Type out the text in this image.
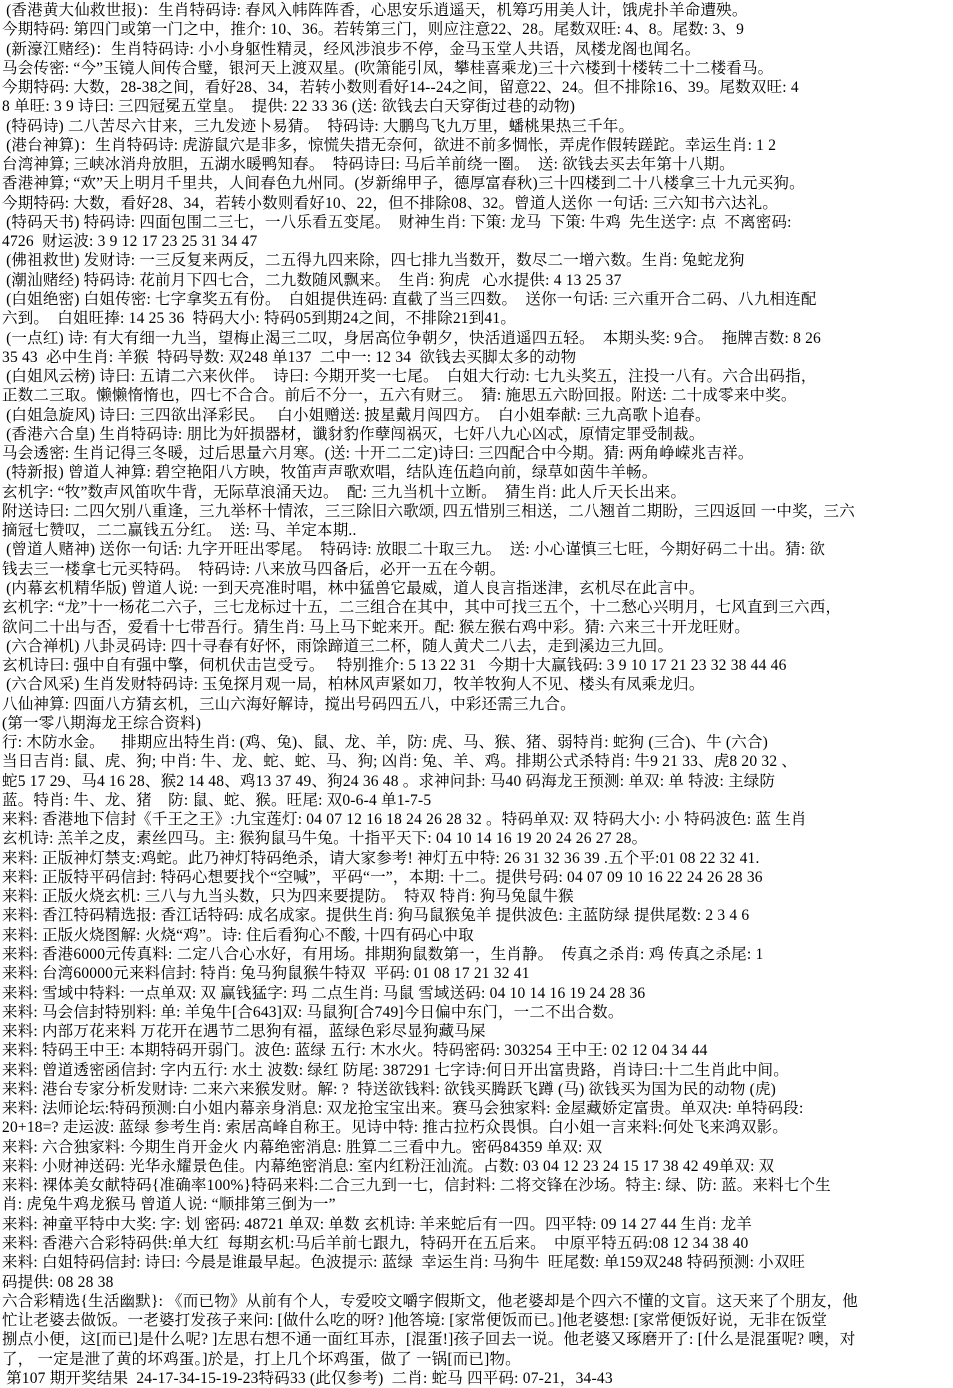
(香港黄大仙救世报)：生肖特码诗: 春风入帏阵阵香，心思安乐逍遥天，机筹巧用美人计，饿虎扑羊命遭殃。
今期特码: 第四门或第一门之中，推介: 10、36。若转第三门，则应注意22、28。尾数双旺: 4、8。尾数: 3、9
(新濠江赌经)：生肖特码诗: 小小身躯性精灵，经风涉浪步不停，金马玉堂人共语，凤楼龙阁也闻名。
马会传密: “今”玉镜人间传合璧，银河天上渡双星。(吹箫能引凤，攀桂喜乘龙)三十六楼到十楼转二十二楼看马。
今期特码: 大数，28-38之间，看好28、34，若转小数则看好14--24之间，留意22、24。但不排除16、39。尾数双旺: 4
8 单旺: 3 9 诗曰: 三四冠冕五堂皇。  提供: 22 33 36 (送: 欲钱去白天穿街过巷的动物)
(特码诗) 二八苦尽六甘来，三九发迹卜易猜。  特码诗: 大鹏鸟飞九万里，蟠桃果热三千年。
(港台神算)：生肖特码诗: 虎游鼠穴是非多，惊慌失措无奈何，欲进不前多惆怅，弄虎作假转蹉跎。幸运生肖: 1 2
台湾神算; 三峡冰消舟放胆，五湖水暖鸭知春。  特码诗曰: 马后羊前绕一圈。  送: 欲钱去买去年第十八期。
香港神算; “欢”天上明月千里共，人间春色九州同。(岁新绵甲子，德厚富春秋)三十四楼到二十八楼拿三十九元买狗。
今期特码: 大数，看好28、34，若转小数则看好10、22，但不排除08、32。曾道人送你 一句话: 三六知书六达礼。
(特码天书) 特码诗: 四面包围二三七，一八乐看五变尾。  财神生肖: 下策: 龙马  下策: 牛鸡  先生送字: 点  不离密码:
4726  财运波: 3 9 12 17 23 25 31 34 47
(佛祖救世) 发财诗: 一三反复来两反，二五得九四来除，四七排九当数开，数尽二一增六数。生肖: 兔蛇龙狗
(潮汕赌经) 特码诗: 花前月下四七合，二九数随风飘来。  生肖: 狗虎   心水提供: 4 13 25 37
(白姐绝密) 白姐传密: 七字拿奖五有份。  白姐提供连码: 直截了当三四数。  送你一句话: 三六重开合二码、八九相连配
六到。  白姐旺捧: 14 25 36  特码大小: 特码05到期24之间，不排除21到41。
(一点红) 诗: 有大有细一九当，望梅止渴三二叹，身居高位争朝夕，快活逍遥四五轻。  本期头奖: 9合。  拖牌吉数: 8 26
35 43  必中生肖: 羊猴  特码导数: 双248 单137  二中一: 12 34  欲钱去买脚太多的动物
(白姐风云榜) 诗曰: 五请二六来伙伴。  诗曰: 今期开奖一七尾。  白姐大行动: 七九头奖五，注投一八有。六合出码指，
正数二三取。懒懒惰惰也，四七不合合。前后不分一，五六有财三。  猜: 施思五六盼回报。附送: 二十成零来中奖。
(白姐急旋风) 诗曰: 三四欲出泽彩民。   白小姐赠送: 披星戴月闯四方。  白小姐奉献: 三九高歌卜追春。
(香港六合皇) 生肖特码诗: 朋比为奸损器材，谶豺豹作孽闯祸灭，七奸八九心凶忒，原情定罪受制裁。
马会透密: 生肖记得三冬暖，过后思量六月寒。(送: 十开二二定)诗曰: 三四配合中今期。猜: 两角峥嵘兆吉祥。
(特新报) 曾道人神算: 碧空艳阳八方映，牧笛声声歌欢唱，结队连伍趋向前，绿草如茵牛羊畅。
玄机字: “牧”数声风笛吹牛背，无际草浪涌天边。  配: 三九当机十立断。  猜生肖: 此人斤天长出来。
附送诗曰: 二四欠别八重逢，三九举杯十情浓，三三除旧六歌颂, 四五惜别三相送，二八翘首二期盼，三四返回 一中奖，三六
摘冠七赞叹，二二赢钱五分红。  送: 马、羊定本期..
(曾道人赌神) 送你一句话: 九字开旺出零尾。  特码诗: 放眼二十取三九。  送: 小心谨慎三七旺，今期好码二十出。猜: 欲
钱去三一楼拿七元买特码。  特码诗: 八来放马四备后，必开一五在今朝。
(内幕玄机精华版) 曾道人说: 一到天亮准时唱，林中猛兽它最威，道人良言指迷津，玄机尽在此言中。
玄机字: “龙”十一杨花二六子，三七龙标过十五，二三组合在其中，其中可找三五个，十二愁心兴明月，七风直到三六西，
欲问二十出与否，爱看十七带吾行。猜生肖: 马上马下蛇来开。配: 猴左猴右鸡中彩。猜: 六来三十开龙旺财。
(六合禅机) 八卦灵码诗: 四十寻春有好怀，雨馀蹄道三二杯，随人黄犬二八去，走到溪边三九回。
玄机诗曰: 强中自有强中擎，伺机伏击岂受亏。   特别推介: 5 13 22 31   今期十大赢钱码: 3 9 10 17 21 23 32 38 44 46
(六合风采) 生肖发财特码诗: 玉兔探月观一局，柏林风声紧如刀，牧羊牧狗人不见、楼头有凤乘龙归。
八仙神算: 四面八方猜玄机，三山六海好解诗，搅出号码四五八，中彩还需三九合。
(第一零八期海龙王综合资料)
行: 木防水金。    排期应出特生肖: (鸡、兔)、鼠、龙、羊，防: 虎、马、猴、猪、弱特肖: 蛇狗 (三合)、牛 (六合)
当日吉肖: 鼠、虎、狗; 中肖: 牛、龙、蛇、蛇、马、狗; 凶肖: 兔、羊、鸡。排期公式杀特肖: 牛9 21 33、虎8 20 32 、
蛇5 17 29、马4 16 28、猴2 14 48、鸡13 37 49、狗24 36 48 。求神问卦: 马40 码海龙王预测: 单双: 单 特波: 主绿防
蓝。特肖: 牛、龙、猪    防: 鼠、蛇、猴。旺尾: 双0-6-4 单1-7-5
来料: 香港地下信封《千王之王》:九宝莲灯: 04 07 12 16 18 24 26 28 32 。特码单双: 双 特码大小: 小 特码波色: 蓝 生肖
玄机诗: 羔羊之皮，素丝四马。主: 猴狗鼠马牛兔。十指平天下: 04 10 14 16 19 20 24 26 27 28。
来料: 正版神灯禁支:鸡蛇。此乃神灯特码绝杀，请大家参考! 神灯五中特: 26 31 32 36 39 .五个平:01 08 22 32 41.
来料: 正版特平码信封: 特码心想要找个“空喊”，平码“一”，本期: 十二。提供号码: 04 07 09 10 16 22 24 26 28 36
来料: 正版火烧玄机: 三八与九当头数，只为四来要提防。  特双 特肖: 狗马兔鼠牛猴
来料: 香江特码精选报: 香江话特码: 成名成家。提供生肖: 狗马鼠猴兔羊 提供波色: 主蓝防绿 提供尾数: 2 3 4 6
来料: 正版火烧图解: 火烧“鸡”。诗: 住后看狗心不酸, 十四有码心中取
来料: 香港6000元传真料: 二定八合心水好，有用场。排期狗鼠数第一，生肖静。  传真之杀肖: 鸡 传真之杀尾: 1
来料: 台湾60000元来料信封: 特肖: 兔马狗鼠猴牛特双  平码: 01 08 17 21 32 41
来料: 雪域中特料: 一点单双: 双 赢钱猛字: 玛 二点生肖: 马鼠 雪域送码: 04 10 14 16 19 24 28 36
来料: 马会信封特别料: 单: 羊兔牛[合643]双: 马鼠狗[合749]今日偏中东门，一二不出合数。
来料: 内部万花来料 万花开在遇节二思狗有福，蓝绿色彩尽显狗藏马屎
来料: 特码王中王: 本期特码开弱门。波色: 蓝绿 五行: 木水火。特码密码: 303254 王中王: 02 12 04 34 44
来料: 曾道透密函信封: 字内五行: 水土 波数: 绿红 防尾: 387291 七字诗:何日开出富贵路，肖诗曰:十二生肖此中间。
来料: 港台专家分析发财诗: 二来六来猴发财。解: ?  特送欲钱料: 欲钱买腾跃飞蹲 (马) 欲钱买为国为民的动物 (虎)
来料: 法师论坛:特码预测:白小姐内幕亲身消息: 双龙抢宝宝出来。赛马会独家料: 金屋藏娇定富贵。单双决: 单特码段:
20+18=? 走运波: 蓝绿 参考生肖: 索居高峰自称王。见诗中特: 推古拉朽众畏惧。白小姐一言来料:何处飞来鸿双影。
来料: 六合独家料: 今期生肖开金火 内幕绝密消息: 胜算二三看中九。密码84359 单双: 双
来料: 小财神送码: 光华永耀景色佳。内幕绝密消息: 室内红粉汪汕流。占数: 03 04 12 23 24 15 17 38 42 49单双: 双
来料: 裸体美女献特码{准确率100%}特码来料:二合三九到一七，信封料: 二将交锋在沙场。特主: 绿、防: 蓝。来料七个生
肖: 虎兔牛鸡龙猴马 曾道人说: “顺排第三倒为一”
来料: 神童平特中大奖: 字: 划 密码: 48721 单双: 单数 玄机诗: 羊来蛇后有一四。四平特: 09 14 27 44 生肖: 龙羊
来料: 香港六合彩特码供:单大红  每期玄机:马后羊前七跟九，特码开在五后来。  中原平特五码:08 12 34 38 40
来料: 白姐特码信封: 诗曰: 今晨是谁最早起。色波提示: 蓝绿  幸运生肖: 马狗牛  旺尾数: 单159双248 特码预测: 小双旺
码提供: 08 28 38
六合彩精选{生活幽默}: 《而已物》从前有个人，专爱咬文嚼字假斯文，他老婆却是个四六不懂的文盲。这天来了个朋友，他
忙让老婆去做饭。一老婆打发孩子来问: [做什么吃的呀? ]他答境: [家常便饭而已。]他老婆想: [家常便饭好说，无非在饭堂
捌点小便，这[而已]是什么呢? ]左思右想不通一面红耳赤，[混蛋!]孩子回去一说。他老婆又琢磨开了: [什么是混蛋呢? 噢，对
了， 一定是泄了黄的坏鸡蛋。]於是，打上几个坏鸡蛋，做了 一锅[而已]物。
第107 期开奖结果  24-17-34-15-19-23特码33 (此仅参考)  二肖: 蛇马 四平码: 07-21，34-43
